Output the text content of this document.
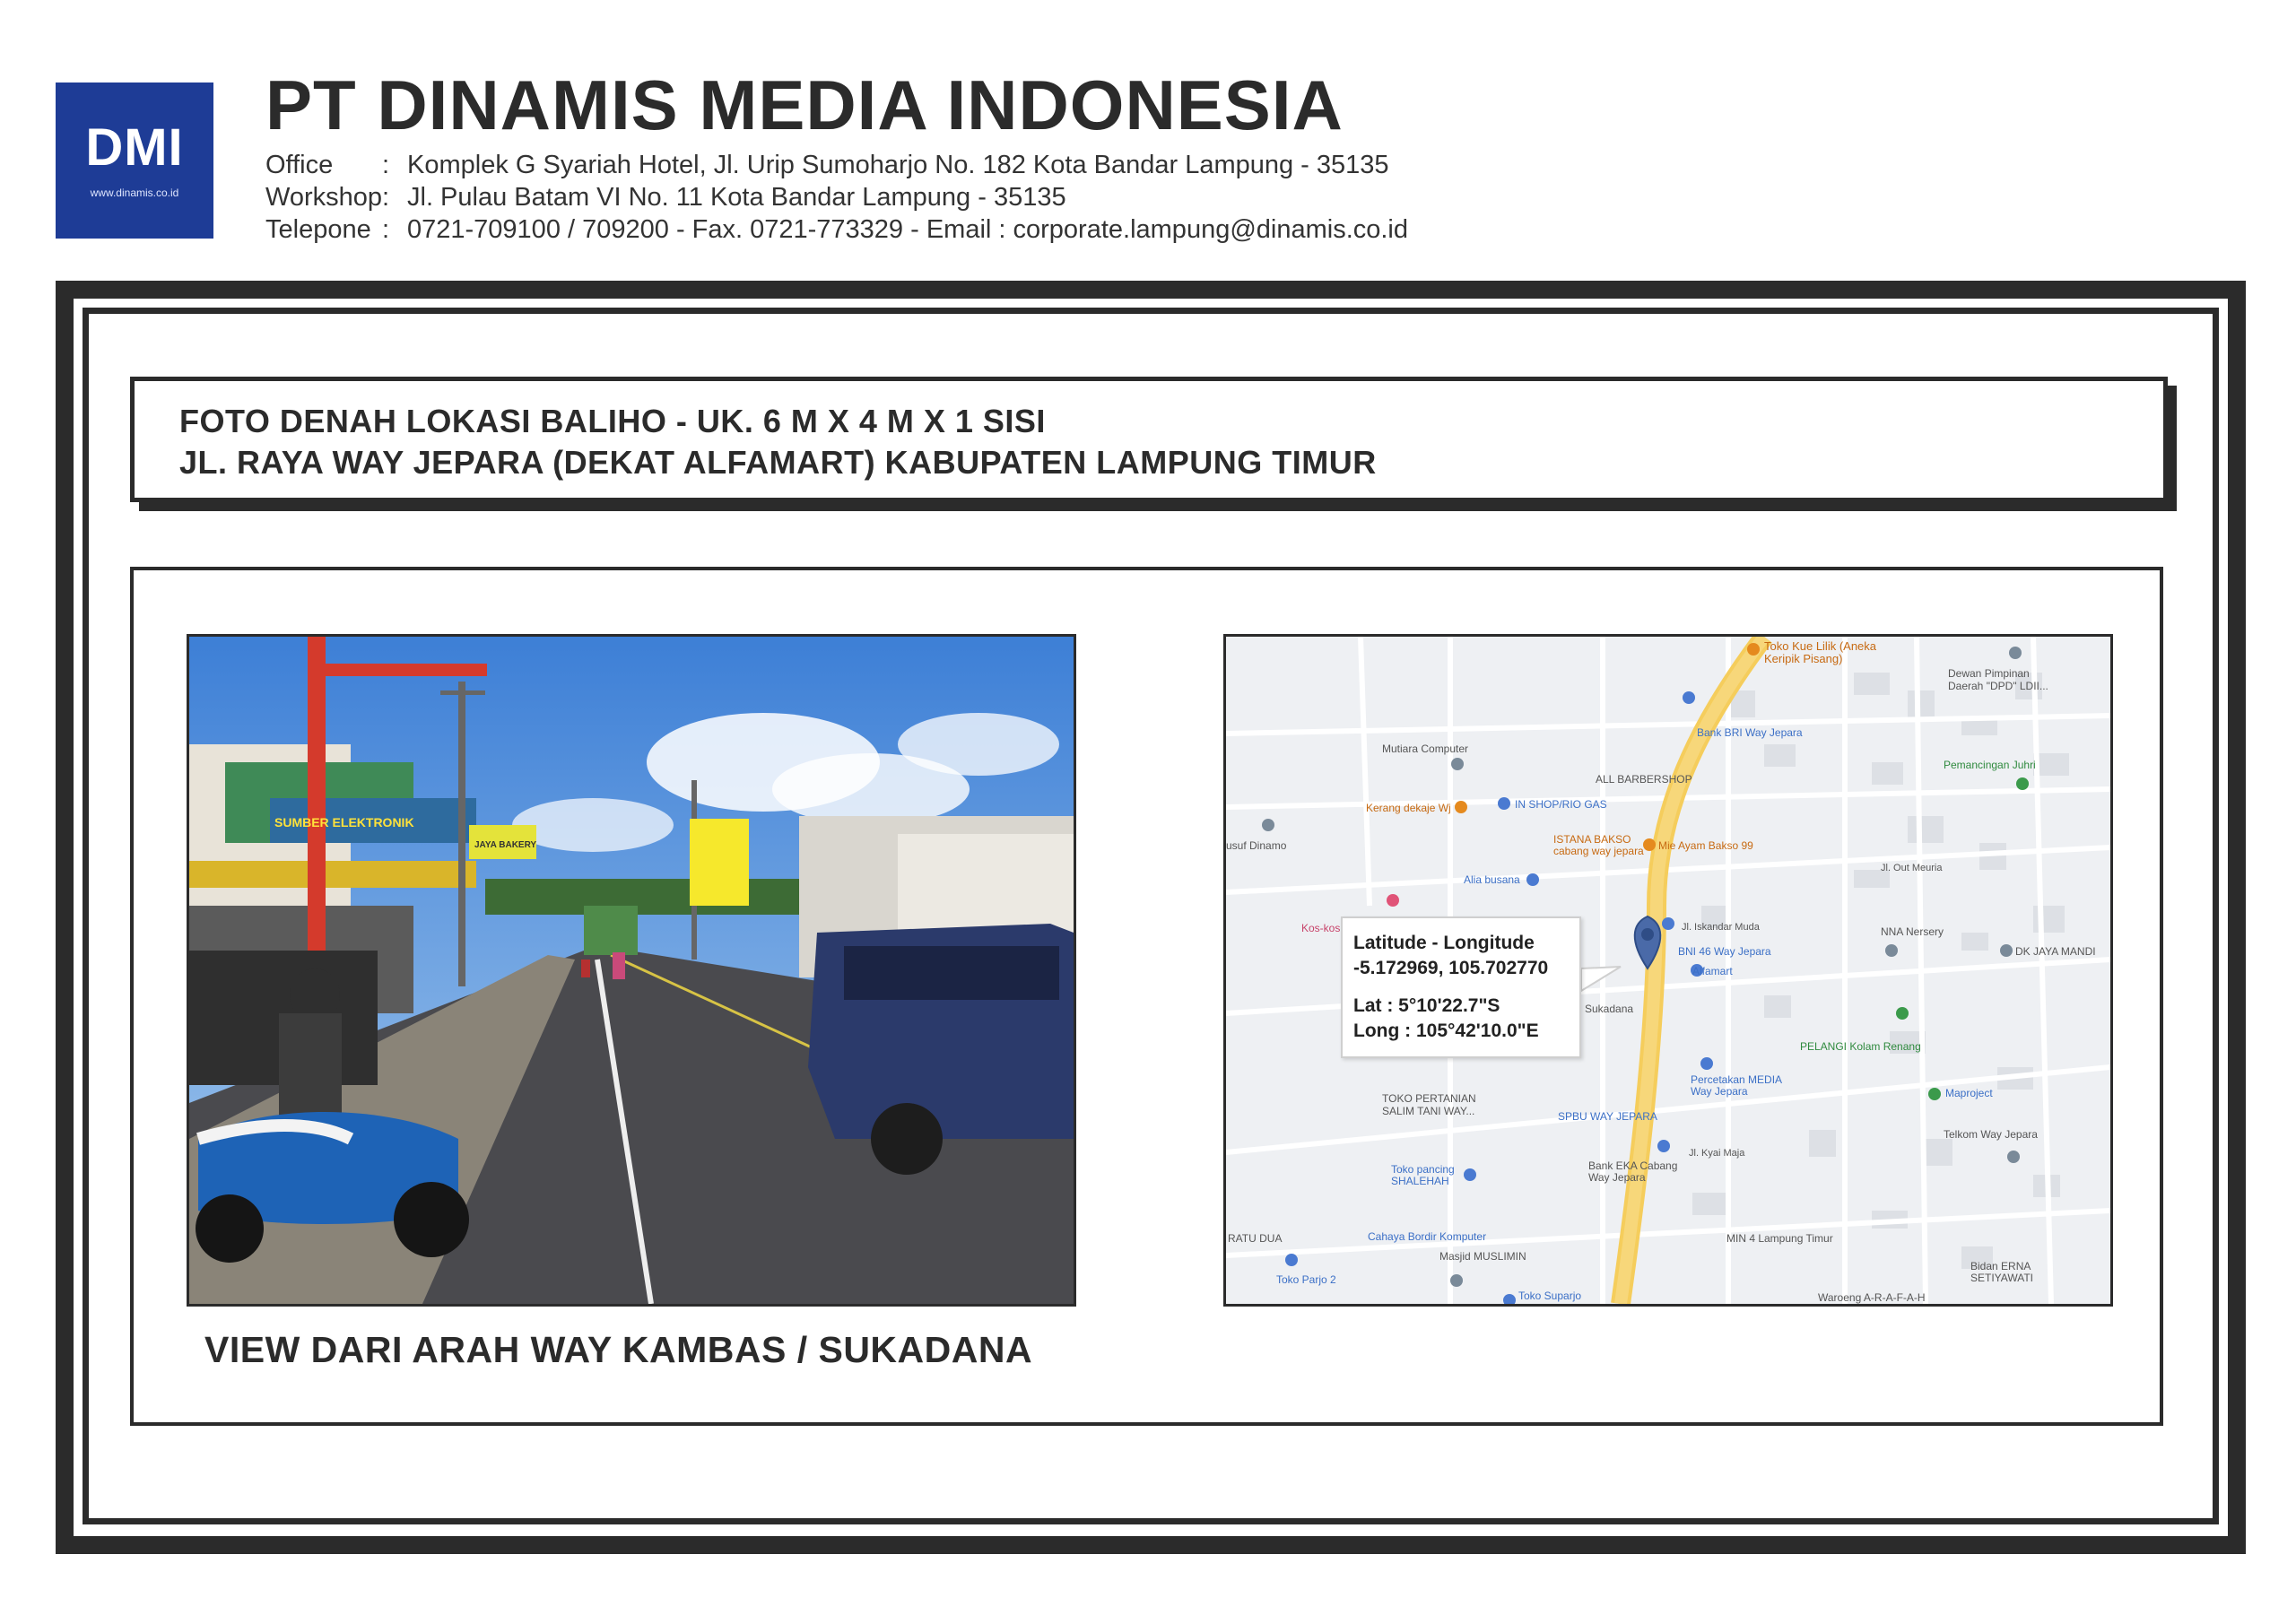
DMI
www.dinamis.co.id
PT DINAMIS MEDIA INDONESIA
Office	: Komplek G Syariah Hotel, Jl. Urip Sumoharjo No. 182 Kota Bandar Lampung - 35135
Workshop : Jl. Pulau Batam VI No. 11 Kota Bandar Lampung - 35135
Telepone : 0721-709100 / 709200 - Fax. 0721-773329 - Email : corporate.lampung@dinamis.co.id
FOTO DENAH LOKASI BALIHO - UK. 6 M X 4 M X 1 SISI
JL. RAYA WAY JEPARA (DEKAT ALFAMART) KABUPATEN LAMPUNG TIMUR
JAYA BAKERY
SUMBER ELEKTRONIK
VIEW DARI ARAH WAY KAMBAS / SUKADANA
Toko Kue Lilik (Aneka Keripik Pisang)
Dewan Pimpinan Daerah "DPD" LDII...
Bank BRI Way Jepara
Mutiara Computer
ALL BARBERSHOP
Pemancingan Juhri
Kerang dekaje Wj	IN SHOP/RIO GAS
ISTANA BAKSO cabang way jepara	Mie Ayam Bakso 99
usuf Dinamo
Alia busana
Kos-kos
BNI 46 Way Jepara
Alfamart
Sukadana
NNA Nersery
DK JAYA MANDI
PELANGI Kolam Renang
Percetakan MEDIA Way Jepara	Maproject
Telkom Way Jepara
TOKO PERTANIAN SALIM TANI WAY...	SPBU WAY JEPARA
Bank EKA Cabang Way Jepara
Toko pancing SHALEHAH
Cahaya Bordir Komputer
Masjid MUSLIMIN
MIN 4 Lampung Timur
Bidan ERNA SETIYAWATI
Waroeng A-R-A-F-A-H
Toko Parjo 2
Toko Suparjo
RATU DUA
Jl. Kyai Maja
Jl. Iskandar Muda
Jl. Out Meuria
Latitude - Longitude
-5.172969, 105.702770
Lat : 5°10'22.7"S
Long : 105°42'10.0"E
